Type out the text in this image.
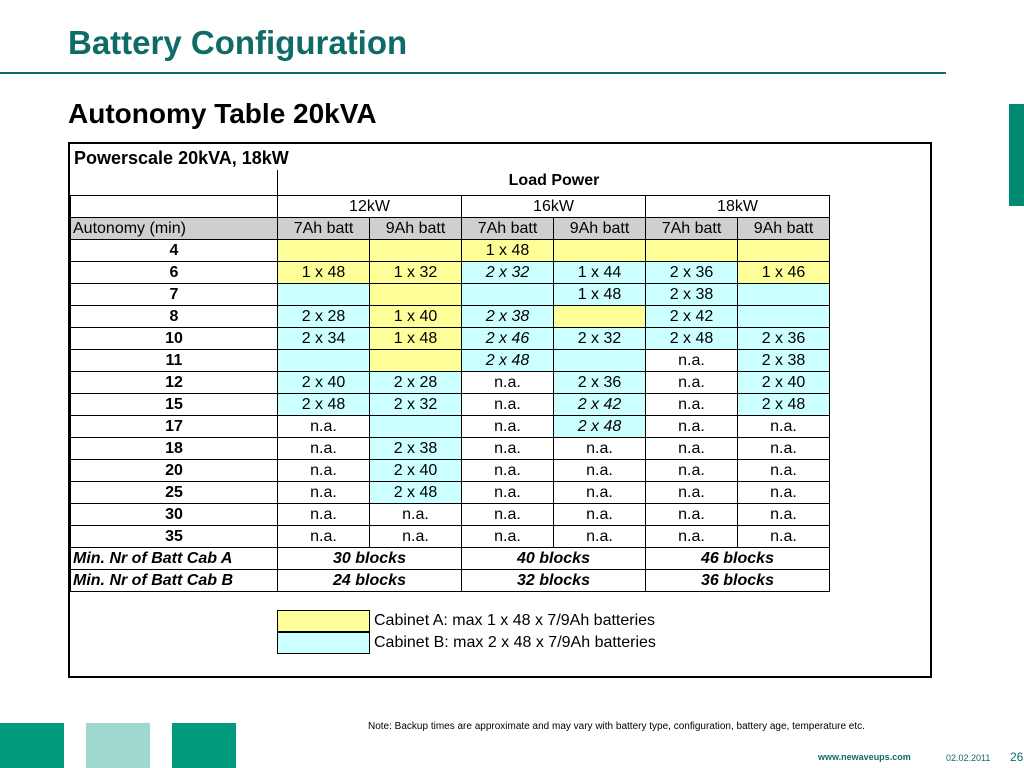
Battery Configuration
Autonomy Table 20kVA
Powerscale 20kVA, 18kW
Load Power
	12kW		16kW		18kW	
Autonomy (min)	7Ah batt	9Ah batt	7Ah batt	9Ah batt	7Ah batt	9Ah batt
4			1 x 48			
6	1 x 48	1 x 32	2 x 32	1 x 44	2 x 36	1 x 46
7				1 x 48	2 x 38	
8	2 x 28	1 x 40	2 x 38		2 x 42	
10	2 x 34	1 x 48	2 x 46	2 x 32	2 x 48	2 x 36
11			2 x 48		n.a.	2 x 38
12	2 x 40	2 x 28	n.a.	2 x 36	n.a.	2 x 40
15	2 x 48	2 x 32	n.a.	2 x 42	n.a.	2 x 48
17	n.a.		n.a.	2 x 48	n.a.	n.a.
18	n.a.	2 x 38	n.a.	n.a.	n.a.	n.a.
20	n.a.	2 x 40	n.a.	n.a.	n.a.	n.a.
25	n.a.	2 x 48	n.a.	n.a.	n.a.	n.a.
30	n.a.	n.a.	n.a.	n.a.	n.a.	n.a.
35	n.a.	n.a.	n.a.	n.a.	n.a.	n.a.
Min. Nr of Batt Cab A	30 blocks		40 blocks		46 blocks	
Min. Nr of Batt Cab B	24 blocks		32 blocks		36 blocks	
Cabinet A: max 1 x 48 x 7/9Ah batteries
Cabinet B: max 2 x 48 x 7/9Ah batteries
Note: Backup times are approximate and may vary with battery type, configuration, battery age, temperature etc.
www.newaveups.com	02.02.2011 26
